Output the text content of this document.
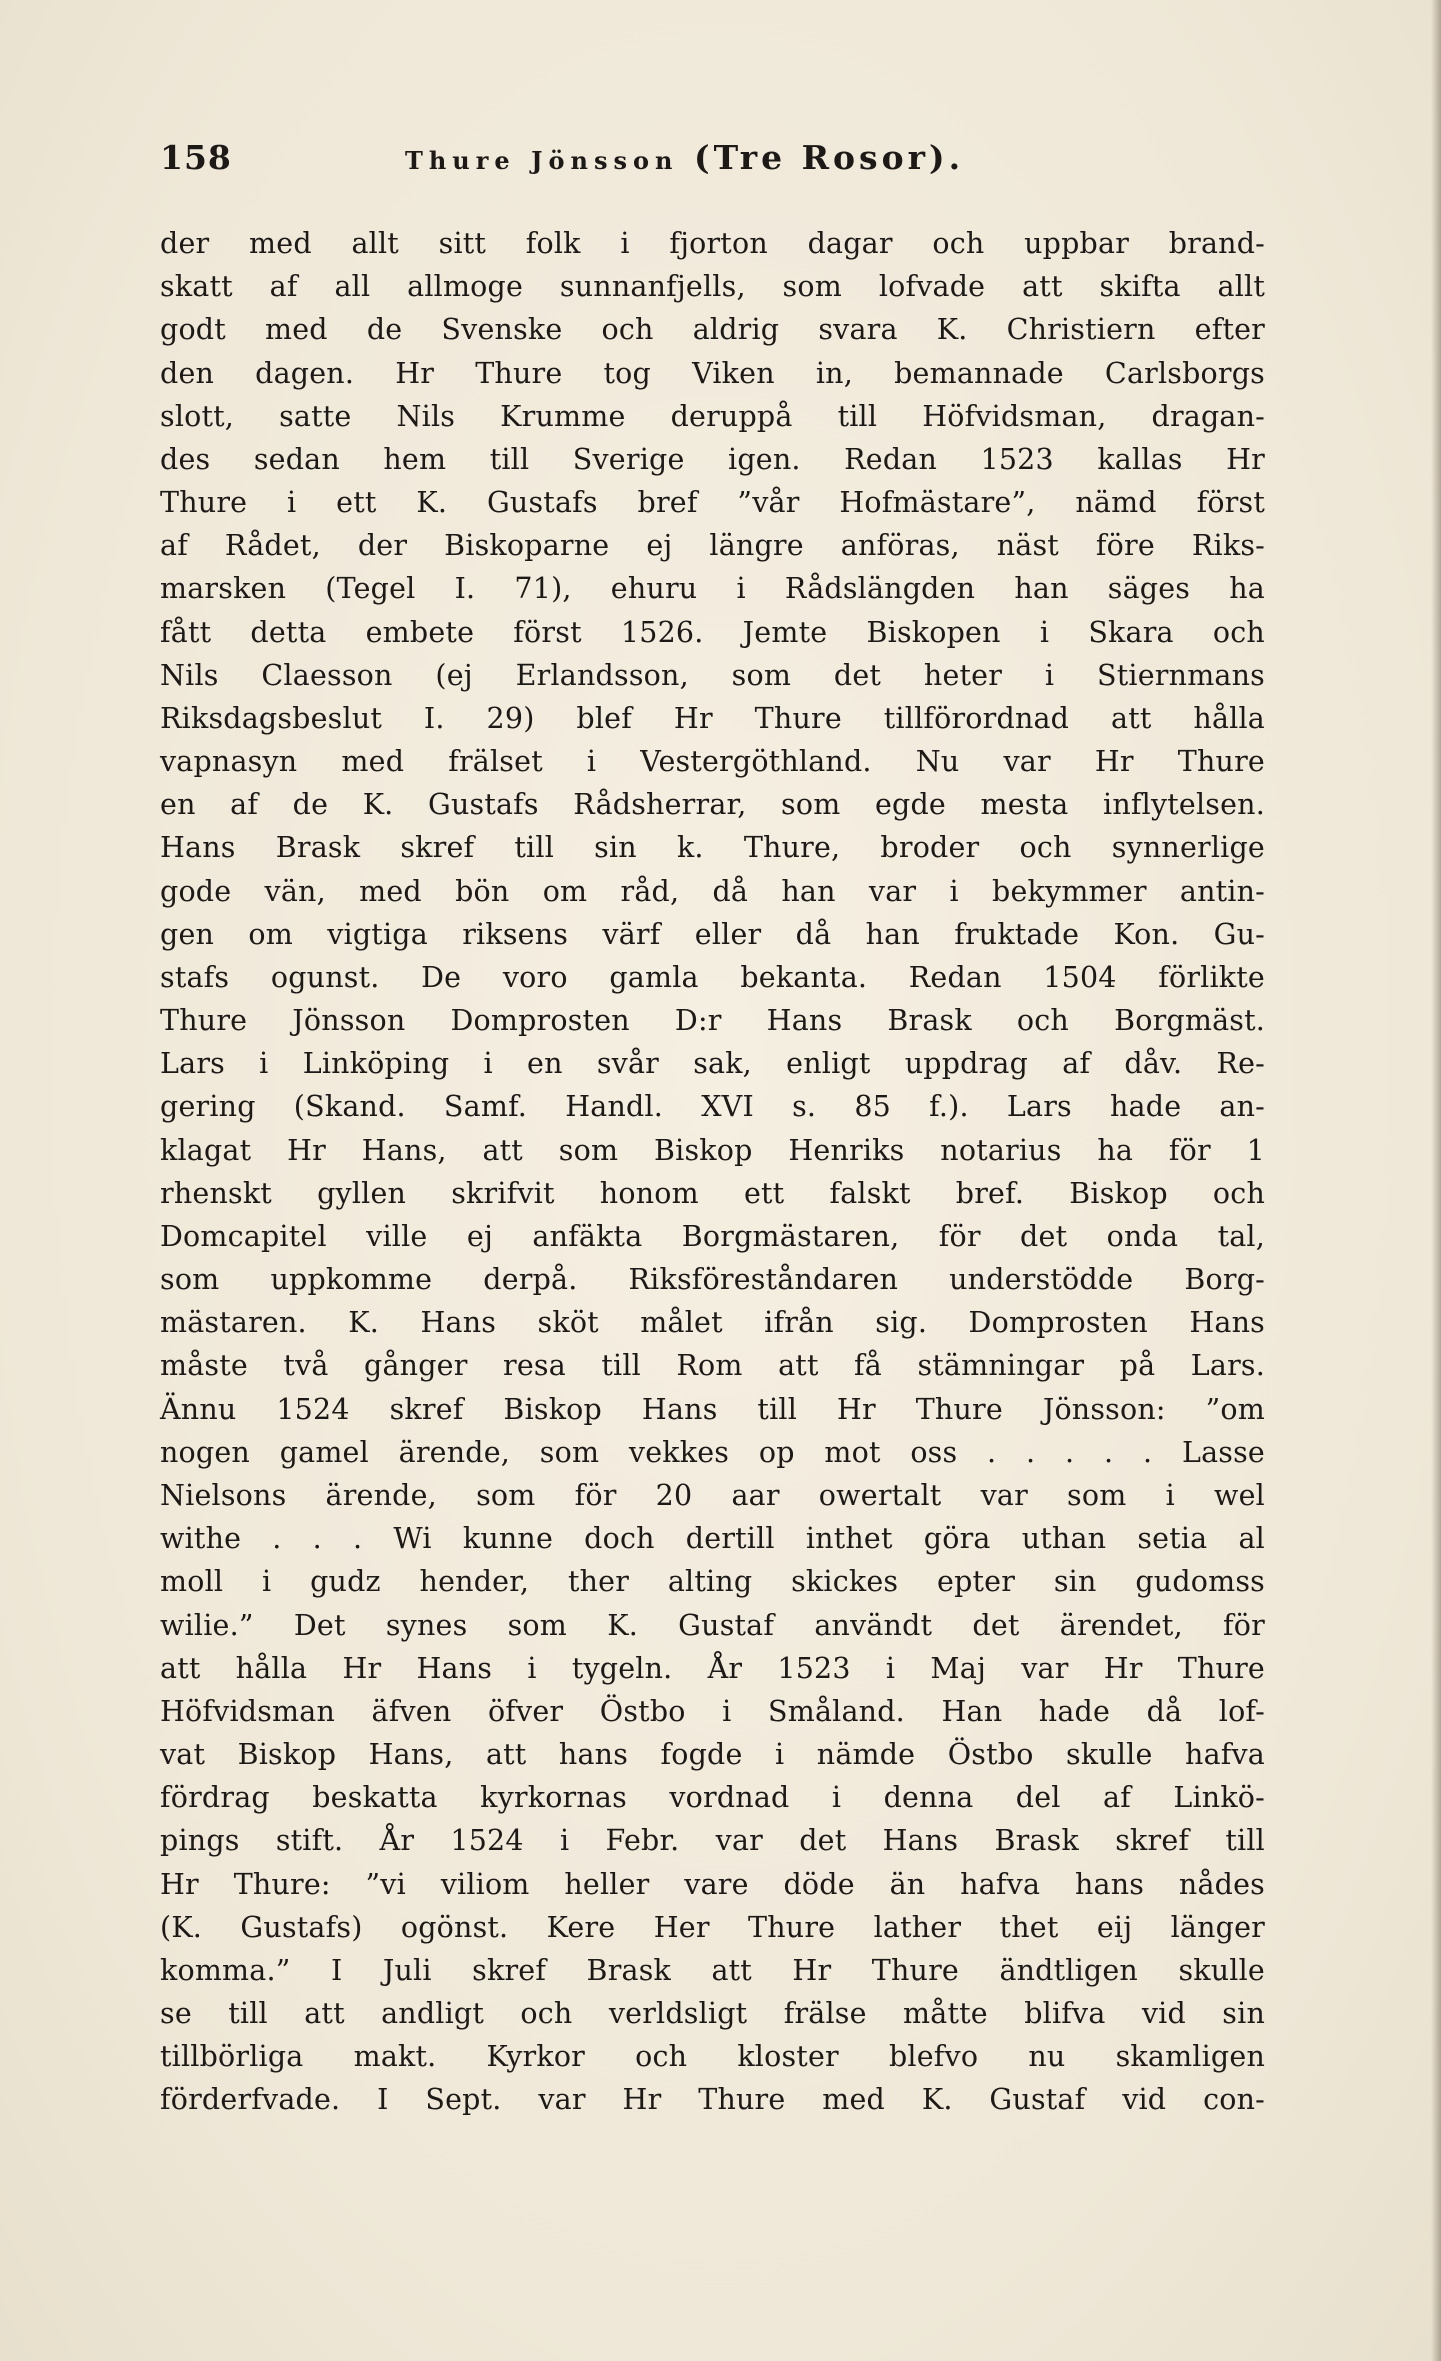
158	Thure Jönsson (Tre Rosor).
der med allt sitt folk i fjorton dagar och uppbar brand-
skatt af all allmoge sunnanfjells, som lofvade att skifta allt
godt med de Svenske och aldrig svara K. Christiern efter
den dagen. Hr Thure tog Viken in, bemannade Carlsborgs
slott, satte Nils Krumme deruppå till Höfvidsman, dragan-
des sedan hem till Sverige igen. Redan 1523 kallas Hr
Thure i ett K. Gustafs bref ”vår Hofmästare”, nämd först
af Rådet, der Biskoparne ej längre anföras, näst före Riks-
marsken (Tegel I. 71), ehuru i Rådslängden han säges ha
fått detta embete först 1526. Jemte Biskopen i Skara och
Nils Claesson (ej Erlandsson, som det heter i Stiernmans
Riksdagsbeslut I. 29) blef Hr Thure tillförordnad att hålla
vapnasyn med frälset i Vestergöthland. Nu var Hr Thure
en af de K. Gustafs Rådsherrar, som egde mesta inflytelsen.
Hans Brask skref till sin k. Thure, broder och synnerlige
gode vän, med bön om råd, då han var i bekymmer antin-
gen om vigtiga riksens värf eller då han fruktade Kon. Gu-
stafs ogunst. De voro gamla bekanta. Redan 1504 förlikte
Thure Jönsson Domprosten D:r Hans Brask och Borgmäst.
Lars i Linköping i en svår sak, enligt uppdrag af dåv. Re-
gering (Skand. Samf. Handl. XVI s. 85 f.). Lars hade an-
klagat Hr Hans, att som Biskop Henriks notarius ha för 1
rhenskt gyllen skrifvit honom ett falskt bref. Biskop och
Domcapitel ville ej anfäkta Borgmästaren, för det onda tal,
som uppkomme derpå. Riksföreståndaren understödde Borg-
mästaren. K. Hans sköt målet ifrån sig. Domprosten Hans
måste två gånger resa till Rom att få stämningar på Lars.
Ännu 1524 skref Biskop Hans till Hr Thure Jönsson: ”om
nogen gamel ärende, som vekkes op mot oss . . . . . Lasse
Nielsons ärende, som för 20 aar owertalt var som i wel
withe . . . Wi kunne doch dertill inthet göra uthan setia al
moll i gudz hender, ther alting skickes epter sin gudomss
wilie.” Det synes som K. Gustaf användt det ärendet, för
att hålla Hr Hans i tygeln. År 1523 i Maj var Hr Thure
Höfvidsman äfven öfver Östbo i Småland. Han hade då lof-
vat Biskop Hans, att hans fogde i nämde Östbo skulle hafva
fördrag beskatta kyrkornas vordnad i denna del af Linkö-
pings stift. År 1524 i Febr. var det Hans Brask skref till
Hr Thure: ”vi viliom heller vare döde än hafva hans nådes
(K. Gustafs) ogönst. Kere Her Thure lather thet eij länger
komma.” I Juli skref Brask att Hr Thure ändtligen skulle
se till att andligt och verldsligt frälse måtte blifva vid sin
tillbörliga makt. Kyrkor och kloster blefvo nu skamligen
förderfvade. I Sept. var Hr Thure med K. Gustaf vid con-
